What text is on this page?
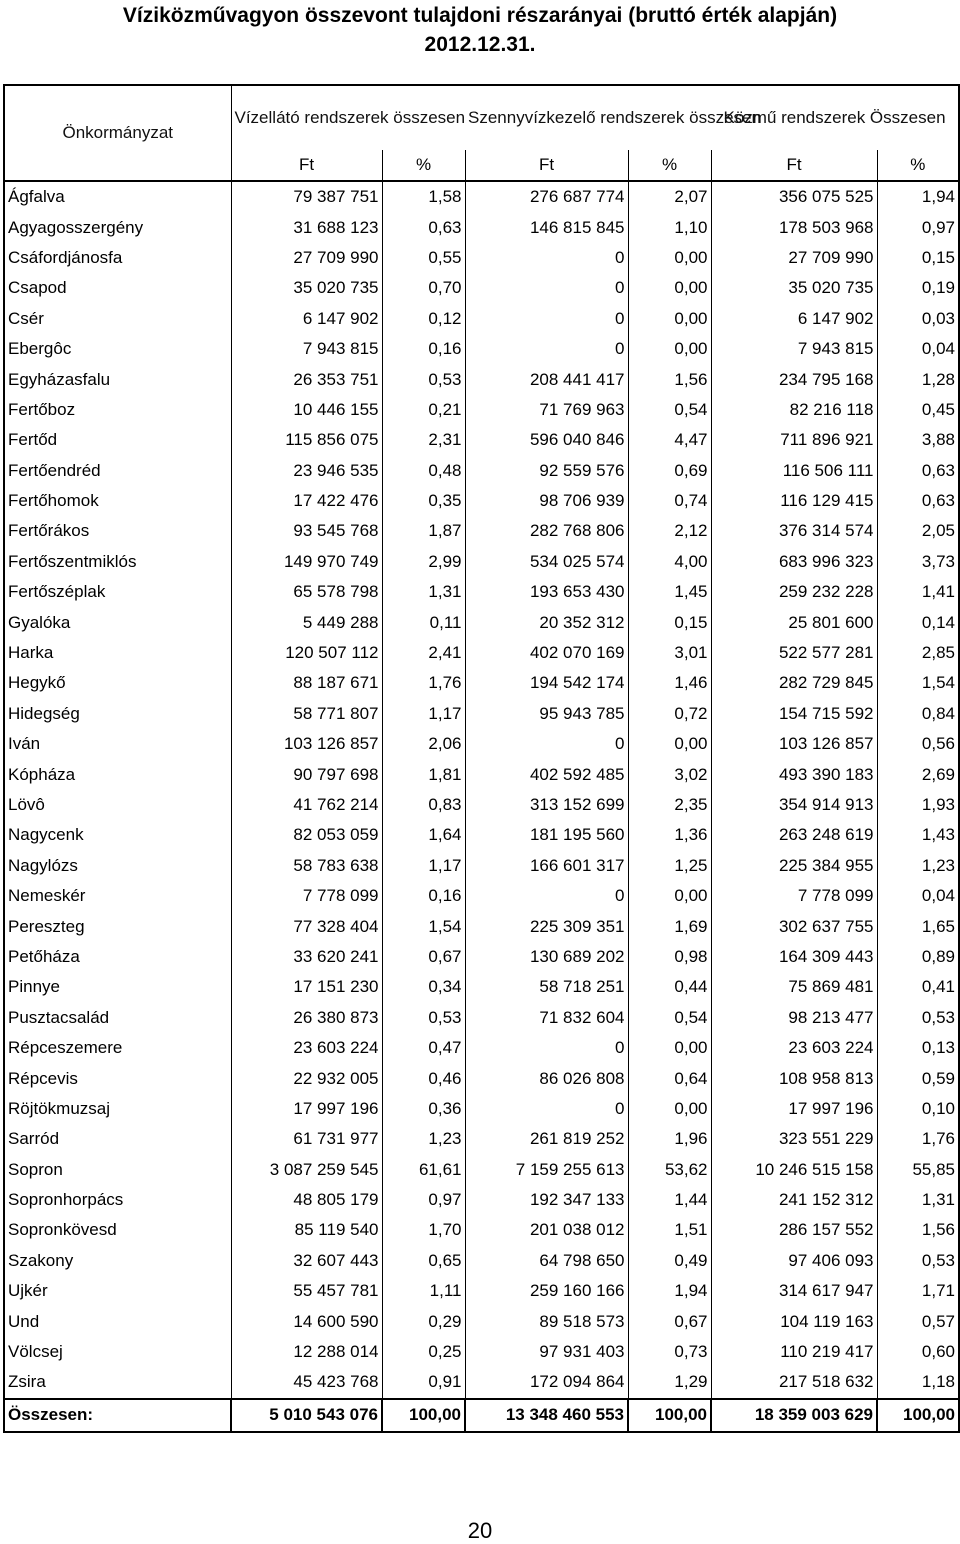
Víziközművagyon összevont tulajdoni részarányai (bruttó érték alapján)
2012.12.31.
Önkormányzat	Vízellátó rendszerek összesen		Szennyvízkezelő rendszerek összesen		Közmű rendszerek Összesen	
	Ft	%	Ft	%	Ft	%
Ágfalva	79 387 751	1,58	276 687 774	2,07	356 075 525	1,94
Agyagosszergény	31 688 123	0,63	146 815 845	1,10	178 503 968	0,97
Csáfordjánosfa	27 709 990	0,55	0	0,00	27 709 990	0,15
Csapod	35 020 735	0,70	0	0,00	35 020 735	0,19
Csér	6 147 902	0,12	0	0,00	6 147 902	0,03
Ebergôc	7 943 815	0,16	0	0,00	7 943 815	0,04
Egyházasfalu	26 353 751	0,53	208 441 417	1,56	234 795 168	1,28
Fertőboz	10 446 155	0,21	71 769 963	0,54	82 216 118	0,45
Fertőd	115 856 075	2,31	596 040 846	4,47	711 896 921	3,88
Fertőendréd	23 946 535	0,48	92 559 576	0,69	116 506 111	0,63
Fertőhomok	17 422 476	0,35	98 706 939	0,74	116 129 415	0,63
Fertőrákos	93 545 768	1,87	282 768 806	2,12	376 314 574	2,05
Fertőszentmiklós	149 970 749	2,99	534 025 574	4,00	683 996 323	3,73
Fertőszéplak	65 578 798	1,31	193 653 430	1,45	259 232 228	1,41
Gyalóka	5 449 288	0,11	20 352 312	0,15	25 801 600	0,14
Harka	120 507 112	2,41	402 070 169	3,01	522 577 281	2,85
Hegykő	88 187 671	1,76	194 542 174	1,46	282 729 845	1,54
Hidegség	58 771 807	1,17	95 943 785	0,72	154 715 592	0,84
Iván	103 126 857	2,06	0	0,00	103 126 857	0,56
Kópháza	90 797 698	1,81	402 592 485	3,02	493 390 183	2,69
Lövô	41 762 214	0,83	313 152 699	2,35	354 914 913	1,93
Nagycenk	82 053 059	1,64	181 195 560	1,36	263 248 619	1,43
Nagylózs	58 783 638	1,17	166 601 317	1,25	225 384 955	1,23
Nemeskér	7 778 099	0,16	0	0,00	7 778 099	0,04
Pereszteg	77 328 404	1,54	225 309 351	1,69	302 637 755	1,65
Petőháza	33 620 241	0,67	130 689 202	0,98	164 309 443	0,89
Pinnye	17 151 230	0,34	58 718 251	0,44	75 869 481	0,41
Pusztacsalád	26 380 873	0,53	71 832 604	0,54	98 213 477	0,53
Répceszemere	23 603 224	0,47	0	0,00	23 603 224	0,13
Répcevis	22 932 005	0,46	86 026 808	0,64	108 958 813	0,59
Röjtökmuzsaj	17 997 196	0,36	0	0,00	17 997 196	0,10
Sarród	61 731 977	1,23	261 819 252	1,96	323 551 229	1,76
Sopron	3 087 259 545	61,61	7 159 255 613	53,62	10 246 515 158	55,85
Sopronhorpács	48 805 179	0,97	192 347 133	1,44	241 152 312	1,31
Sopronkövesd	85 119 540	1,70	201 038 012	1,51	286 157 552	1,56
Szakony	32 607 443	0,65	64 798 650	0,49	97 406 093	0,53
Ujkér	55 457 781	1,11	259 160 166	1,94	314 617 947	1,71
Und	14 600 590	0,29	89 518 573	0,67	104 119 163	0,57
Völcsej	12 288 014	0,25	97 931 403	0,73	110 219 417	0,60
Zsira	45 423 768	0,91	172 094 864	1,29	217 518 632	1,18
Összesen:	5 010 543 076	100,00	13 348 460 553	100,00	18 359 003 629	100,00
20
